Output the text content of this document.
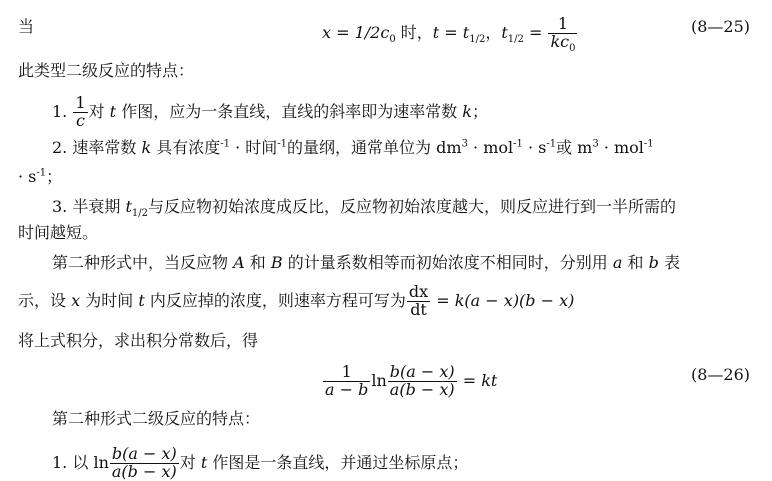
当	$x = 1/2c_0$ 时，$t = t_{1/2}$，$t_{1/2} = \frac{1}{kc_0}$	(8—25)
此类型二级反应的特点：
1. $\frac{1}{c}$ 对 t 作图，应为一条直线，直线的斜率即为速率常数 k；
2. 速率常数 k 具有浓度$^{-1}$ · 时间$^{-1}$的量纲，通常单位为 $dm^3 \cdot mol^{-1} \cdot s^{-1}$或 $m^3 \cdot mol^{-1}$
· $s^{-1}$；
3. 半衰期 $t_{1/2}$与反应物初始浓度成反比，反应物初始浓度越大，则反应进行到一半所需的
时间越短。
第二种形式中，当反应物 A 和 B 的计量系数相等而初始浓度不相同时，分别用 a 和 b 表
示，设 x 为时间 t 内反应掉的浓度，则速率方程可写为 $\frac{dx}{dt} = k(a - x)(b - x)$
将上式积分，求出积分常数后，得
$\frac{1}{a - b}$ $\ln \frac{b(a - x)}{a(b - x)}$ = kt	(8—26)
第二种形式二级反应的特点：
1. 以 $\ln \frac{b(a - x)}{a(b - x)}$ 对 t 作图是一条直线，并通过坐标原点；
